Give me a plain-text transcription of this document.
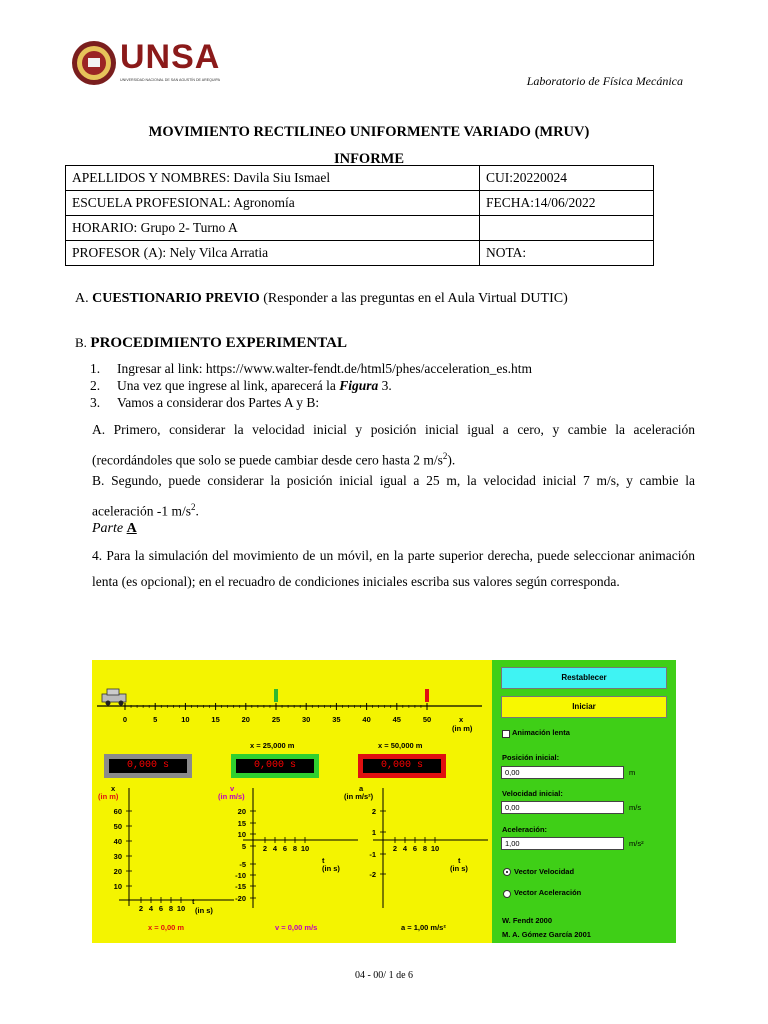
UNSA
UNIVERSIDAD NACIONAL DE SAN AGUSTÍN DE AREQUIPA	Laboratorio de Física Mecánica
MOVIMIENTO RECTILINEO UNIFORMENTE VARIADO (MRUV)
INFORME
APELLIDOS Y NOMBRES: Davila Siu Ismael	CUI:20220024
ESCUELA PROFESIONAL: Agronomía	FECHA:14/06/2022
HORARIO: Grupo 2- Turno A	
PROFESOR (A): Nely Vilca Arratia	NOTA:
A. CUESTIONARIO PREVIO (Responder a las preguntas en el Aula Virtual DUTIC)
B. PROCEDIMIENTO EXPERIMENTAL
1. Ingresar al link: https://www.walter-fendt.de/html5/phes/acceleration_es.htm
2. Una vez que ingrese al link, aparecerá la Figura 3.
3. Vamos a considerar dos Partes A y B:
A. Primero, considerar la velocidad inicial y posición inicial igual a cero, y cambie la aceleración (recordándoles que solo se puede cambiar desde cero hasta 2 $m/s^2$).
B. Segundo, puede considerar la posición inicial igual a 25 m, la velocidad inicial 7 m/s, y cambie la aceleración -1 $m/s^2$.
Parte A
4. Para la simulación del movimiento de un móvil, en la parte superior derecha, puede seleccionar animación lenta (es opcional); en el recuadro de condiciones iniciales escriba sus valores según corresponda.
0	5	10	15	20	25	30	35	40	45	50
60
50
40
30
20
10
2 4 6 8 10
20
15
10
5
-5
-10
-15
-20
2 4 6 8 10
2
1
-1
-2
2 4 6 8 10
x
(in m)
x = 25,000 m	x = 50,000 m
0,000 s	0,000 s	0,000 s
x
(in m)
v
(in m/s)
a
(in m/s²)
t
(in s)
t
(in s)
t
(in s)
x = 0,00 m	v = 0,00 m/s	a = 1,00 m/s²
Restablecer
Iniciar
Animación lenta
Posición inicial:
0,00	m
Velocidad inicial:
0,00	m/s
Aceleración:
1,00	m/s²
Vector Velocidad
Vector Aceleración
W. Fendt 2000
M. A. Gómez García 2001
04 - 00/ 1 de 6
